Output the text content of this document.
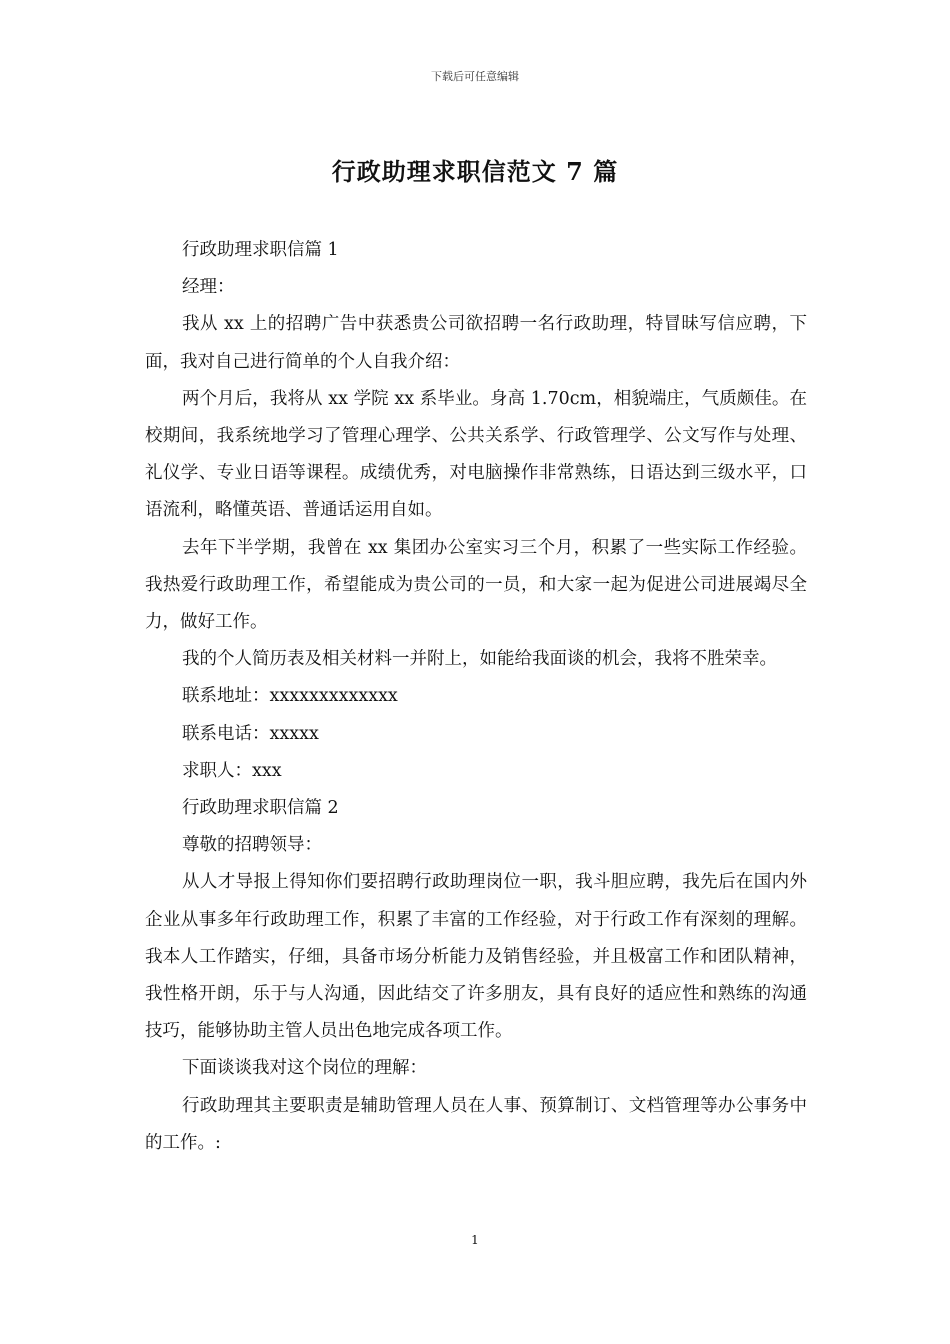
下载后可任意编辑
行政助理求职信范文 7 篇

行政助理求职信篇 1

经理：

我从 xx 上的招聘广告中获悉贵公司欲招聘一名行政助理，特冒昧写信应聘，下面，我对自己进行简单的个人自我介绍：

两个月后，我将从 xx 学院 xx 系毕业。身高 1.70cm，相貌端庄，气质颇佳。在校期间，我系统地学习了管理心理学、公共关系学、行政管理学、公文写作与处理、礼仪学、专业日语等课程。成绩优秀，对电脑操作非常熟练，日语达到三级水平，口语流利，略懂英语、普通话运用自如。

去年下半学期，我曾在 xx 集团办公室实习三个月，积累了一些实际工作经验。我热爱行政助理工作，希望能成为贵公司的一员，和大家一起为促进公司进展竭尽全力，做好工作。

我的个人简历表及相关材料一并附上，如能给我面谈的机会，我将不胜荣幸。

联系地址：xxxxxxxxxxxxx

联系电话：xxxxx

求职人：xxx

行政助理求职信篇 2

尊敬的招聘领导：

从人才导报上得知你们要招聘行政助理岗位一职，我斗胆应聘，我先后在国内外企业从事多年行政助理工作，积累了丰富的工作经验，对于行政工作有深刻的理解。我本人工作踏实，仔细，具备市场分析能力及销售经验，并且极富工作和团队精神，我性格开朗，乐于与人沟通，因此结交了许多朋友，具有良好的适应性和熟练的沟通技巧，能够协助主管人员出色地完成各项工作。

下面谈谈我对这个岗位的理解：

行政助理其主要职责是辅助管理人员在人事、预算制订、文档管理等办公事务中的工作。:

1
